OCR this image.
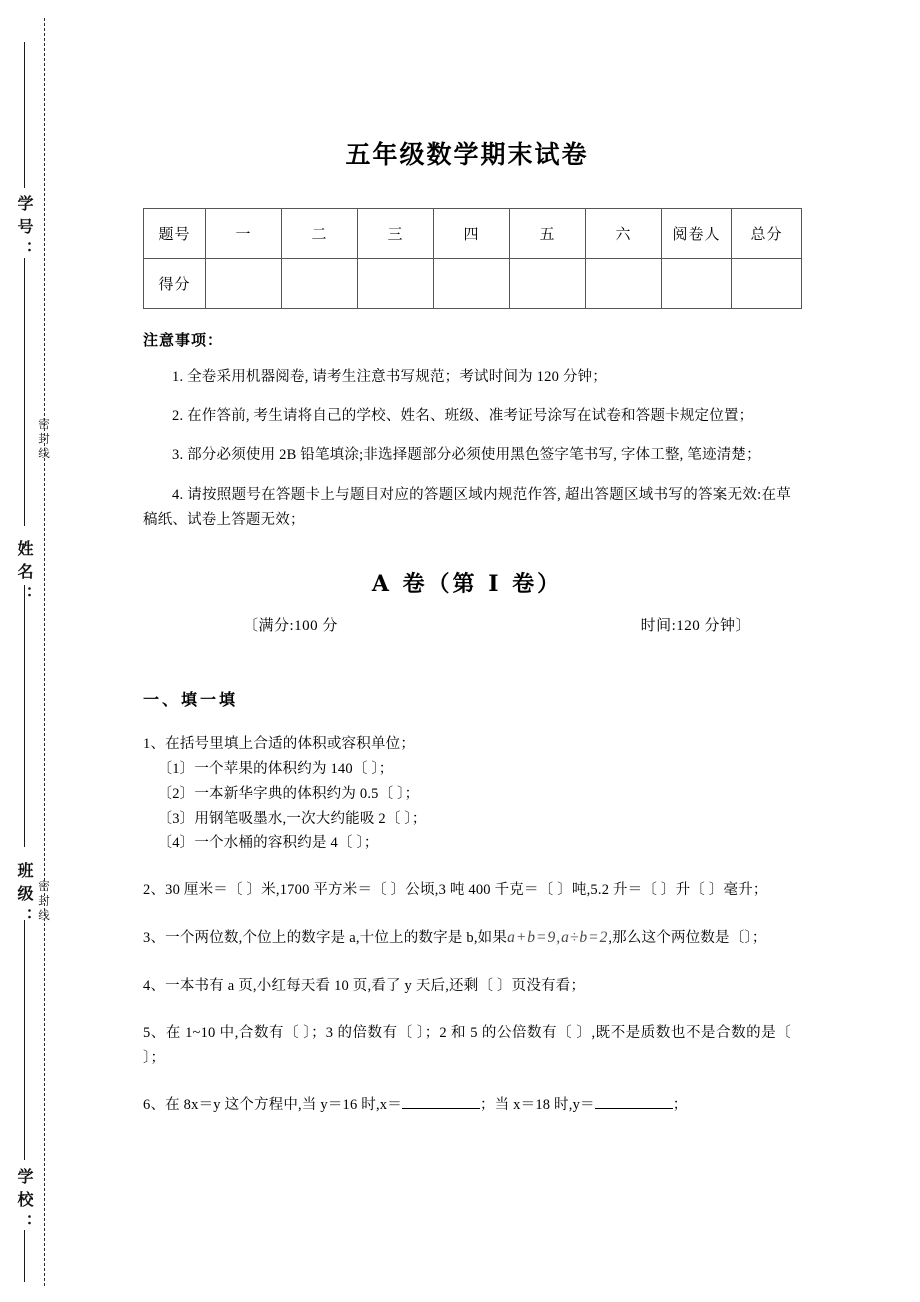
学号：
姓名：
班级：
学校：
密封线
密封线
五年级数学期末试卷
题号	一	二	三	四	五	六	阅卷人	总分
得分								
注意事项：

1. 全卷采用机器阅卷, 请考生注意书写规范；考试时间为 120 分钟；

2. 在作答前, 考生请将自己的学校、姓名、班级、准考证号涂写在试卷和答题卡规定位置；

3. 部分必须使用 2B 铅笔填涂;非选择题部分必须使用黑色签字笔书写, 字体工整, 笔迹清楚；

4. 请按照题号在答题卡上与题目对应的答题区域内规范作答, 超出答题区域书写的答案无效:在草稿纸、试卷上答题无效；

A 卷（第 I 卷）
〔满分:100 分	时间:120 分钟〕
一、填一填
1、在括号里填上合适的体积或容积单位；
〔1〕一个苹果的体积约为 140〔 〕；
〔2〕一本新华字典的体积约为 0.5〔 〕；
〔3〕用钢笔吸墨水,一次大约能吸 2〔 〕；
〔4〕一个水桶的容积约是 4〔 〕；
2、30 厘米＝〔 〕米,1700 平方米＝〔 〕公顷,3 吨 400 千克＝〔 〕吨,5.2 升＝〔 〕升〔 〕毫升；
3、一个两位数,个位上的数字是 a,十位上的数字是 b,如果a+b=9,a÷b=2,那么这个两位数是〔〕；
4、一本书有 a 页,小红每天看 10 页,看了 y 天后,还剩〔 〕页没有看；
5、在 1~10 中,合数有〔 〕；3 的倍数有〔 〕；2 和 5 的公倍数有〔 〕,既不是质数也不是合数的是〔 〕；
6、在 8x＝y 这个方程中,当 y＝16 时,x＝	；当 x＝18 时,y＝	；
